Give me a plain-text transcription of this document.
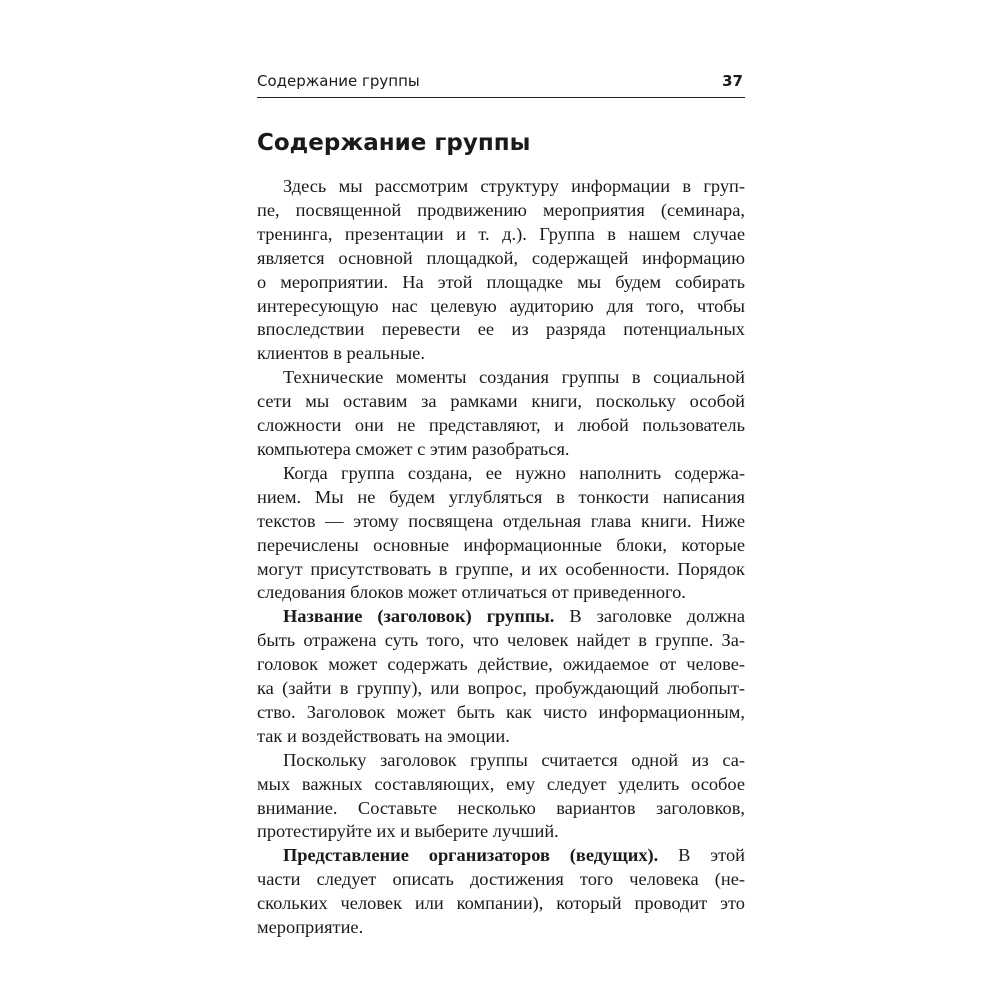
Содержание группы	37
Содержание группы
Здесь мы рассмотрим структуру информации в груп-
пе, посвященной продвижению мероприятия (семинара,
тренинга, презентации и т. д.). Группа в нашем случае
является основной площадкой, содержащей информацию
о мероприятии. На этой площадке мы будем собирать
интересующую нас целевую аудиторию для того, чтобы
впоследствии перевести ее из разряда потенциальных
клиентов в реальные.
Технические моменты создания группы в социальной
сети мы оставим за рамками книги, поскольку особой
сложности они не представляют, и любой пользователь
компьютера сможет с этим разобраться.
Когда группа создана, ее нужно наполнить содержа-
нием. Мы не будем углубляться в тонкости написания
текстов — этому посвящена отдельная глава книги. Ниже
перечислены основные информационные блоки, которые
могут присутствовать в группе, и их особенности. Порядок
следования блоков может отличаться от приведенного.
Название (заголовок) группы. В заголовке должна
быть отражена суть того, что человек найдет в группе. За-
головок может содержать действие, ожидаемое от челове-
ка (зайти в группу), или вопрос, пробуждающий любопыт-
ство. Заголовок может быть как чисто информационным,
так и воздействовать на эмоции.
Поскольку заголовок группы считается одной из са-
мых важных составляющих, ему следует уделить особое
внимание. Составьте несколько вариантов заголовков,
протестируйте их и выберите лучший.
Представление организаторов (ведущих). В этой
части следует описать достижения того человека (не-
скольких человек или компании), который проводит это
мероприятие.
